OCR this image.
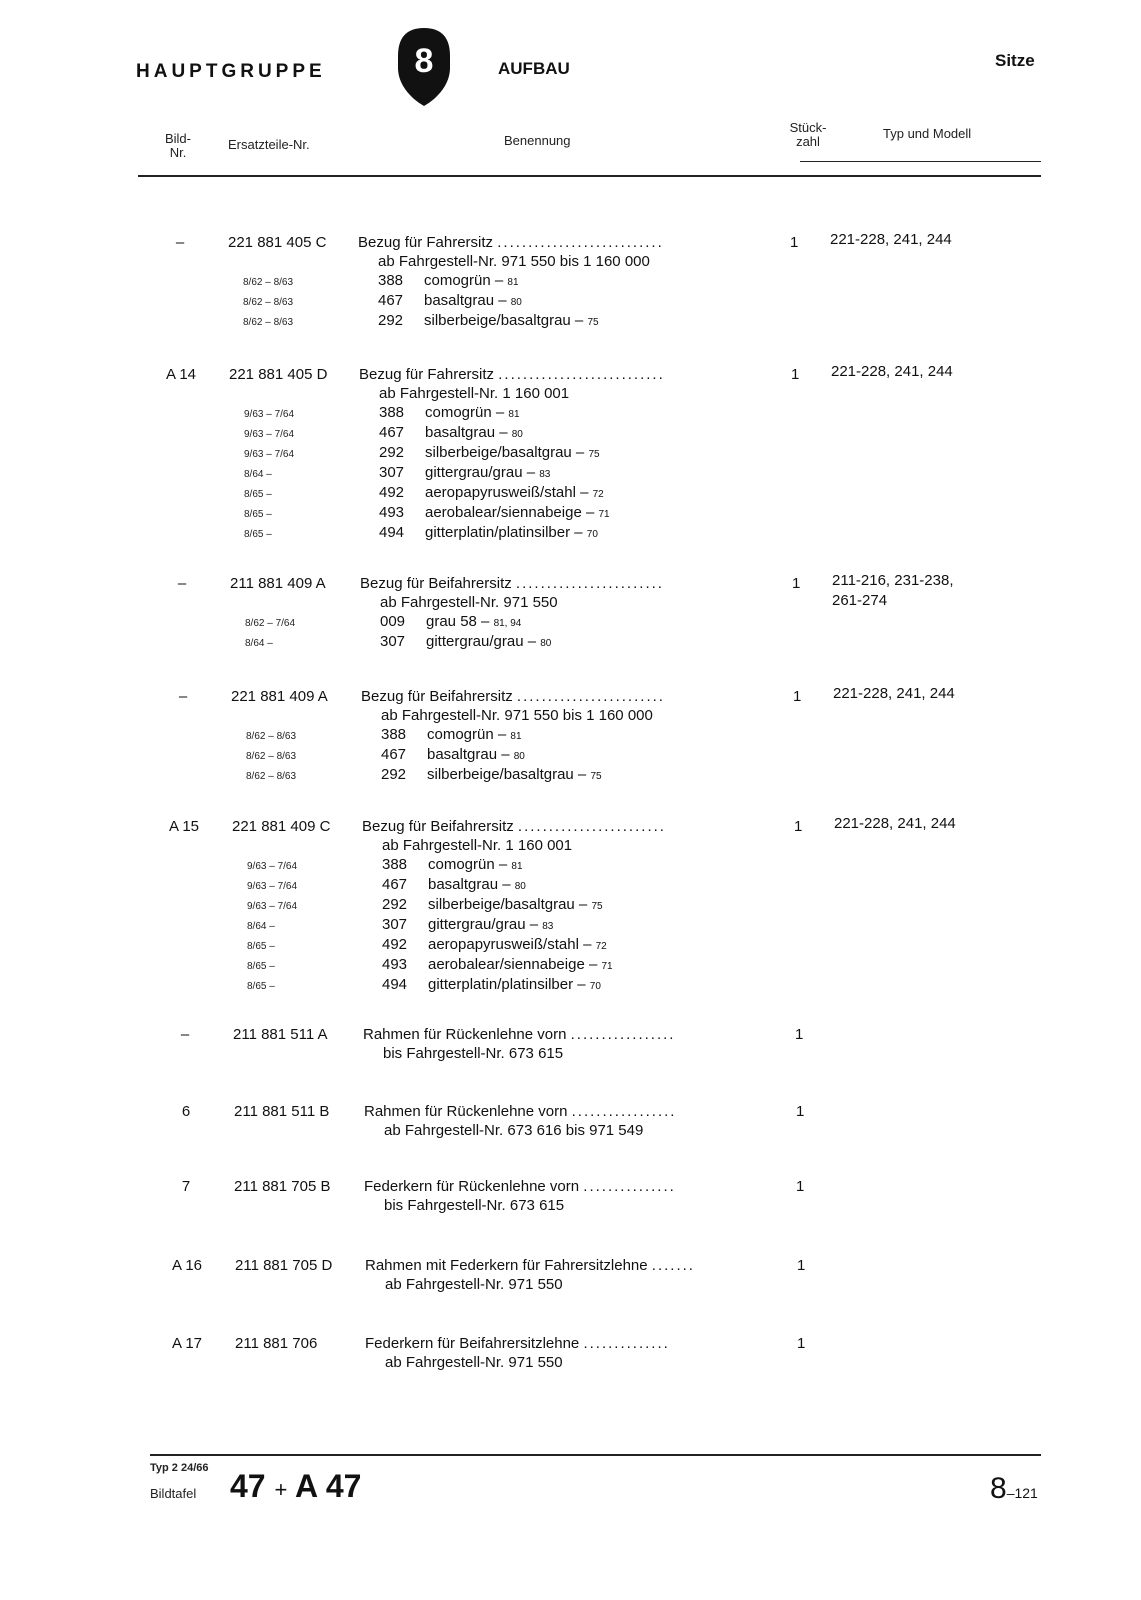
HAUPTGRUPPE	8	AUFBAU	Sitze
Bild-
Nr.
Ersatzteile-Nr.	Benennung
Stück-
zahl
Typ und Modell
–	221 881 405 C Bezug für Fahrersitz ...........................	1 221-228, 241, 244
ab Fahrgestell-Nr. 971 550 bis 1 160 000
8/62 – 8/63	388 comogrün – 81
8/62 – 8/63	467 basaltgrau – 80
8/62 – 8/63	292 silberbeige/basaltgrau – 75
A 14	221 881 405 D Bezug für Fahrersitz ...........................	1 221-228, 241, 244
ab Fahrgestell-Nr. 1 160 001
9/63 – 7/64	388 comogrün – 81
9/63 – 7/64	467 basaltgrau – 80
9/63 – 7/64	292 silberbeige/basaltgrau – 75
8/64 –	307 gittergrau/grau – 83
8/65 –	492 aeropapyrusweiß/stahl – 72
8/65 –	493 aerobalear/siennabeige – 71
8/65 –	494 gitterplatin/platinsilber – 70
–	211 881 409 A Bezug für Beifahrersitz ........................	1 211-216, 231-238,
261-274
ab Fahrgestell-Nr. 971 550
8/62 – 7/64	009 grau 58 – 81, 94
8/64 –	307 gittergrau/grau – 80
–	221 881 409 A Bezug für Beifahrersitz ........................	1 221-228, 241, 244
ab Fahrgestell-Nr. 971 550 bis 1 160 000
8/62 – 8/63	388 comogrün – 81
8/62 – 8/63	467 basaltgrau – 80
8/62 – 8/63	292 silberbeige/basaltgrau – 75
A 15	221 881 409 C Bezug für Beifahrersitz ........................	1 221-228, 241, 244
ab Fahrgestell-Nr. 1 160 001
9/63 – 7/64	388 comogrün – 81
9/63 – 7/64	467 basaltgrau – 80
9/63 – 7/64	292 silberbeige/basaltgrau – 75
8/64 –	307 gittergrau/grau – 83
8/65 –	492 aeropapyrusweiß/stahl – 72
8/65 –	493 aerobalear/siennabeige – 71
8/65 –	494 gitterplatin/platinsilber – 70
–	211 881 511 A Rahmen für Rückenlehne vorn .................	1
bis Fahrgestell-Nr. 673 615
6	211 881 511 B Rahmen für Rückenlehne vorn .................	1
ab Fahrgestell-Nr. 673 616 bis 971 549
7	211 881 705 B Federkern für Rückenlehne vorn ...............	1
bis Fahrgestell-Nr. 673 615
A 16	211 881 705 D Rahmen mit Federkern für Fahrersitzlehne .......	1
ab Fahrgestell-Nr. 971 550
A 17	211 881 706	Federkern für Beifahrersitzlehne ..............	1
ab Fahrgestell-Nr. 971 550
Typ 2 24/66
Bildtafel 47 + A 47	8–121
